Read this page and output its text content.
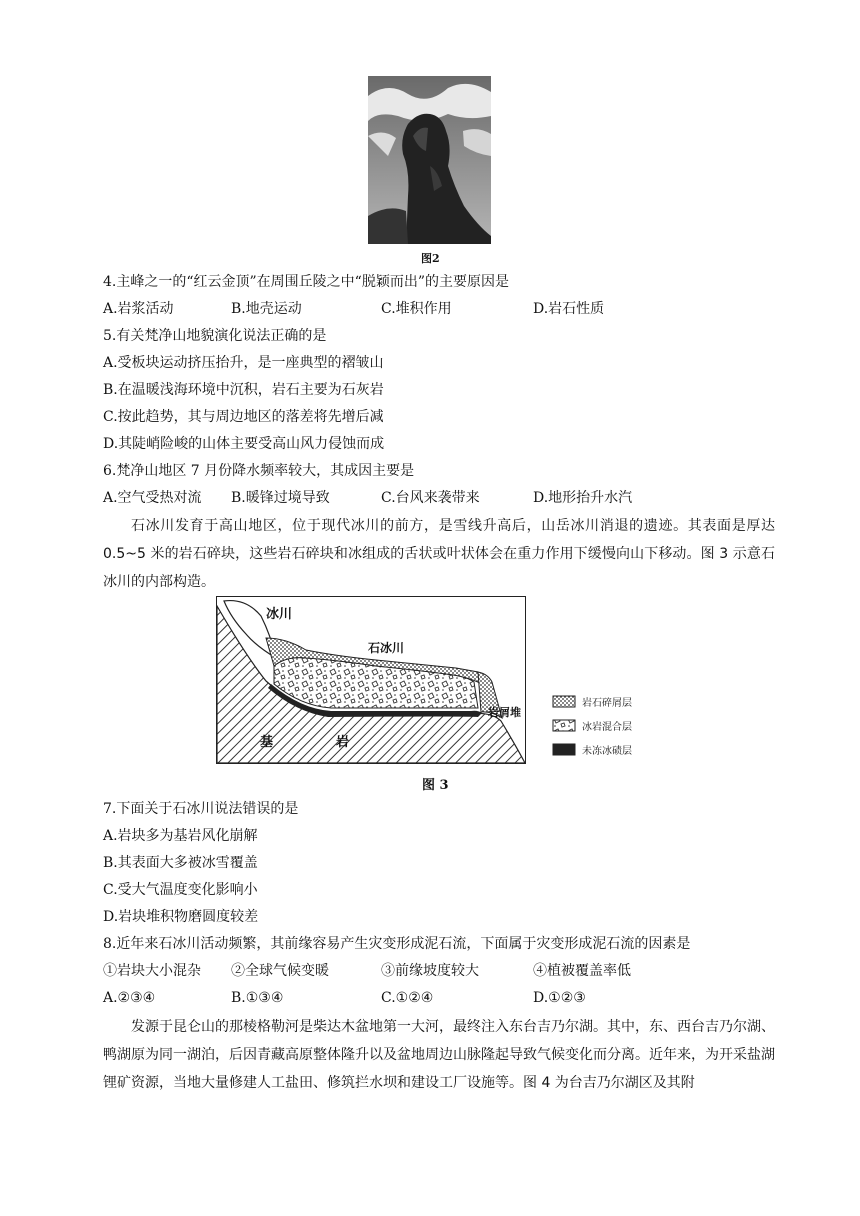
图2
4.主峰之一的“红云金顶”在周围丘陵之中“脱颖而出”的主要原因是
A.岩浆活动	B.地壳运动	C.堆积作用	D.岩石性质
5.有关梵净山地貌演化说法正确的是
A.受板块运动挤压抬升，是一座典型的褶皱山
B.在温暖浅海环境中沉积，岩石主要为石灰岩
C.按此趋势，其与周边地区的落差将先增后减
D.其陡峭险峻的山体主要受高山风力侵蚀而成
6.梵净山地区 7 月份降水频率较大，其成因主要是
A.空气受热对流 B.暖锋过境导致	C.台风来袭带来	D.地形抬升水汽
石冰川发育于高山地区，位于现代冰川的前方，是雪线升高后，山岳冰川消退的遗迹。其表面是厚达 0.5~5 米的岩石碎块，这些岩石碎块和冰组成的舌状或叶状体会在重力作用下缓慢向山下移动。图 3 示意石冰川的内部构造。
冰川
石冰川
岩屑堆
基	岩
岩石碎屑层
冰岩混合层
未冻冰碛层
图 3
7.下面关于石冰川说法错误的是
A.岩块多为基岩风化崩解
B.其表面大多被冰雪覆盖
C.受大气温度变化影响小
D.岩块堆积物磨圆度较差
8.近年来石冰川活动频繁，其前缘容易产生灾变形成泥石流，下面属于灾变形成泥石流的因素是
①岩块大小混杂 ②全球气候变暖	③前缘坡度较大	④植被覆盖率低
A.②③④	B.①③④	C.①②④	D.①②③
发源于昆仑山的那棱格勒河是柴达木盆地第一大河，最终注入东台吉乃尔湖。其中，东、西台吉乃尔湖、鸭湖原为同一湖泊，后因青藏高原整体隆升以及盆地周边山脉隆起导致气候变化而分离。近年来，为开采盐湖锂矿资源，当地大量修建人工盐田、修筑拦水坝和建设工厂设施等。图 4 为台吉乃尔湖区及其附
